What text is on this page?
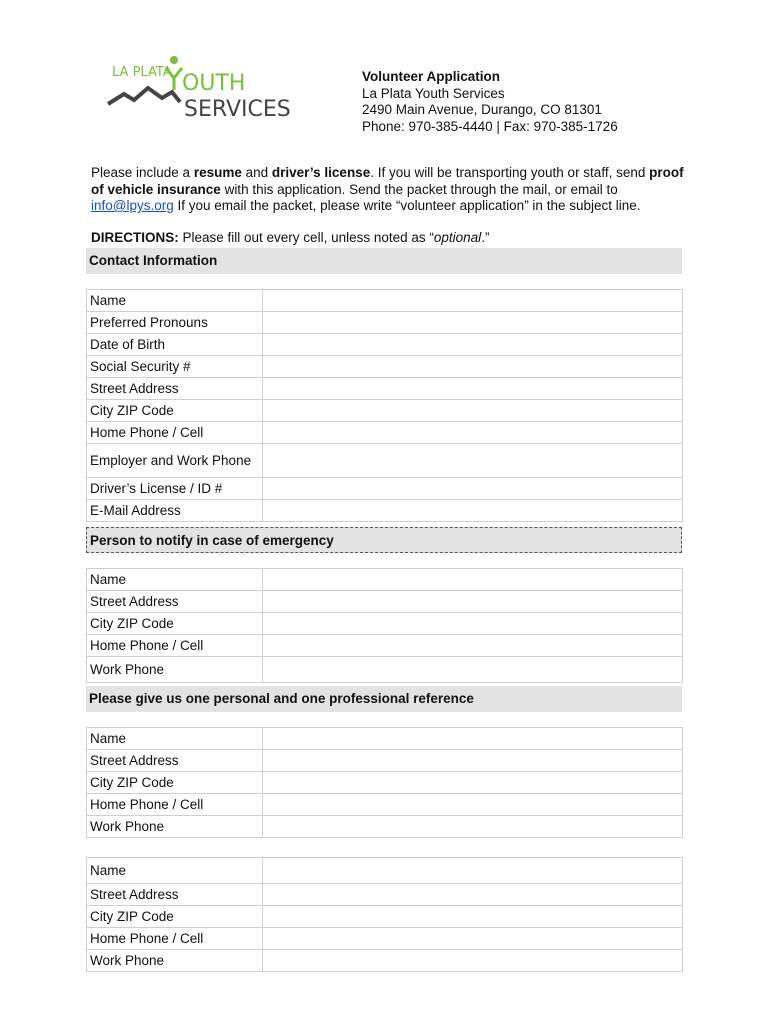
LA PLATA OUTH
SERVICES
Volunteer Application
La Plata Youth Services
2490 Main Avenue, Durango, CO 81301
Phone: 970-385-4440 | Fax: 970-385-1726
Please include a resume and driver’s license. If you will be transporting youth or staff, send proof of vehicle insurance with this application. Send the packet through the mail, or email to info@lpys.org If you email the packet, please write “volunteer application” in the subject line.
DIRECTIONS: Please fill out every cell, unless noted as “optional.”
Contact Information
Name	
Preferred Pronouns	
Date of Birth	
Social Security #	
Street Address	
City ZIP Code	
Home Phone / Cell	
Employer and Work Phone	
Driver’s License / ID #	
E-Mail Address	
Person to notify in case of emergency
Name	
Street Address	
City ZIP Code	
Home Phone / Cell	
Work Phone	
Please give us one personal and one professional reference
Name	
Street Address	
City ZIP Code	
Home Phone / Cell	
Work Phone	
Name	
Street Address	
City ZIP Code	
Home Phone / Cell	
Work Phone	
